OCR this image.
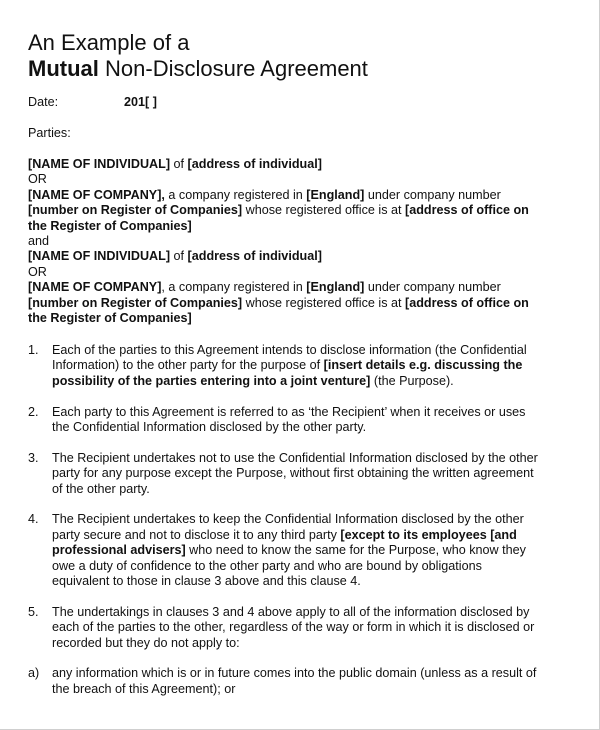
An Example of a
Mutual Non-Disclosure Agreement
Date:	201[ ]
Parties:
[NAME OF INDIVIDUAL] of [address of individual]
OR
[NAME OF COMPANY], a company registered in [England] under company number
[number on Register of Companies] whose registered office is at [address of office on
the Register of Companies]
and
[NAME OF INDIVIDUAL] of [address of individual]
OR
[NAME OF COMPANY], a company registered in [England] under company number
[number on Register of Companies] whose registered office is at [address of office on
the Register of Companies]
1.	Each of the parties to this Agreement intends to disclose information (the Confidential
Information) to the other party for the purpose of [insert details e.g. discussing the
possibility of the parties entering into a joint venture] (the Purpose).
2.	Each party to this Agreement is referred to as ‘the Recipient’ when it receives or uses
the Confidential Information disclosed by the other party.
3.	The Recipient undertakes not to use the Confidential Information disclosed by the other
party for any purpose except the Purpose, without first obtaining the written agreement
of the other party.
4.	The Recipient undertakes to keep the Confidential Information disclosed by the other
party secure and not to disclose it to any third party [except to its employees [and
professional advisers] who need to know the same for the Purpose, who know they
owe a duty of confidence to the other party and who are bound by obligations
equivalent to those in clause 3 above and this clause 4.
5.	The undertakings in clauses 3 and 4 above apply to all of the information disclosed by
each of the parties to the other, regardless of the way or form in which it is disclosed or
recorded but they do not apply to:
a)	any information which is or in future comes into the public domain (unless as a result of
the breach of this Agreement); or
